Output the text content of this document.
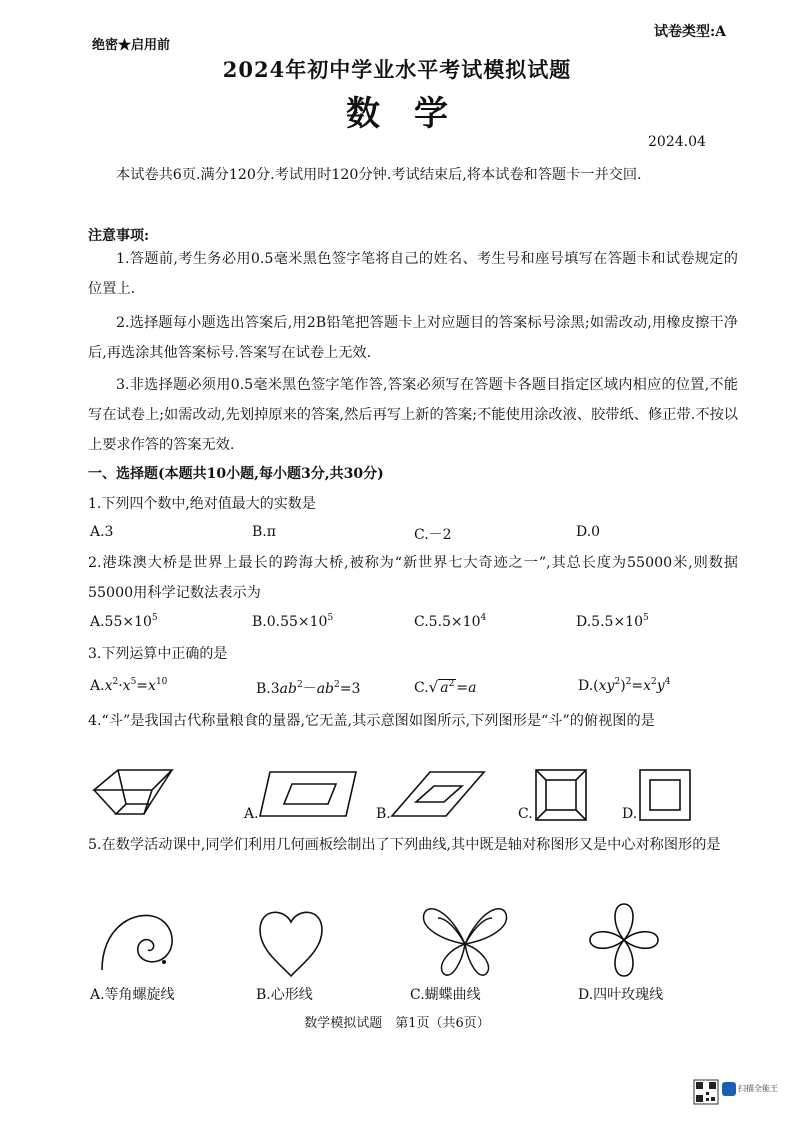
试卷类型:A
绝密★启用前
2024年初中学业水平考试模拟试题
数　学
2024.04
本试卷共6页.满分120分.考试用时120分钟.考试结束后,将本试卷和答题卡一并交回.
注意事项:
1.答题前,考生务必用0.5毫米黑色签字笔将自己的姓名、考生号和座号填写在答题卡和试卷规定的位置上.
2.选择题每小题选出答案后,用2B铅笔把答题卡上对应题目的答案标号涂黑;如需改动,用橡皮擦干净后,再选涂其他答案标号.答案写在试卷上无效.
3.非选择题必须用0.5毫米黑色签字笔作答,答案必须写在答题卡各题目指定区域内相应的位置,不能写在试卷上;如需改动,先划掉原来的答案,然后再写上新的答案;不能使用涂改液、胶带纸、修正带.不按以上要求作答的答案无效.
一、选择题(本题共10小题,每小题3分,共30分)
1.下列四个数中,绝对值最大的实数是
A.3	B.π	C.－2	D.0
2.港珠澳大桥是世界上最长的跨海大桥,被称为“新世界七大奇迹之一”,其总长度为55000米,则数据55000用科学记数法表示为
$A.55\times 10^5$	$B.0.55\times 10^5$	$C.5.5\times 10^4$	$D.5.5\times 10^5$
3.下列运算中正确的是
$A.x^2\cdot x^5=x^{10}$	$B.3ab^2-ab^2=3$	C.√ $a^2 =a$	$D.(xy^2)^2=x^2y^4$
4.“斗”是我国古代称量粮食的量器,它无盖,其示意图如图所示,下列图形是“斗”的俯视图的是
A.	B.	C.	D.
5.在数学活动课中,同学们利用几何画板绘制出了下列曲线,其中既是轴对称图形又是中心对称图形的是
A.等角螺旋线	B.心形线	C.蝴蝶曲线	D.四叶玫瑰线
数学模拟试题　第1页（共6页）
扫描全能王
